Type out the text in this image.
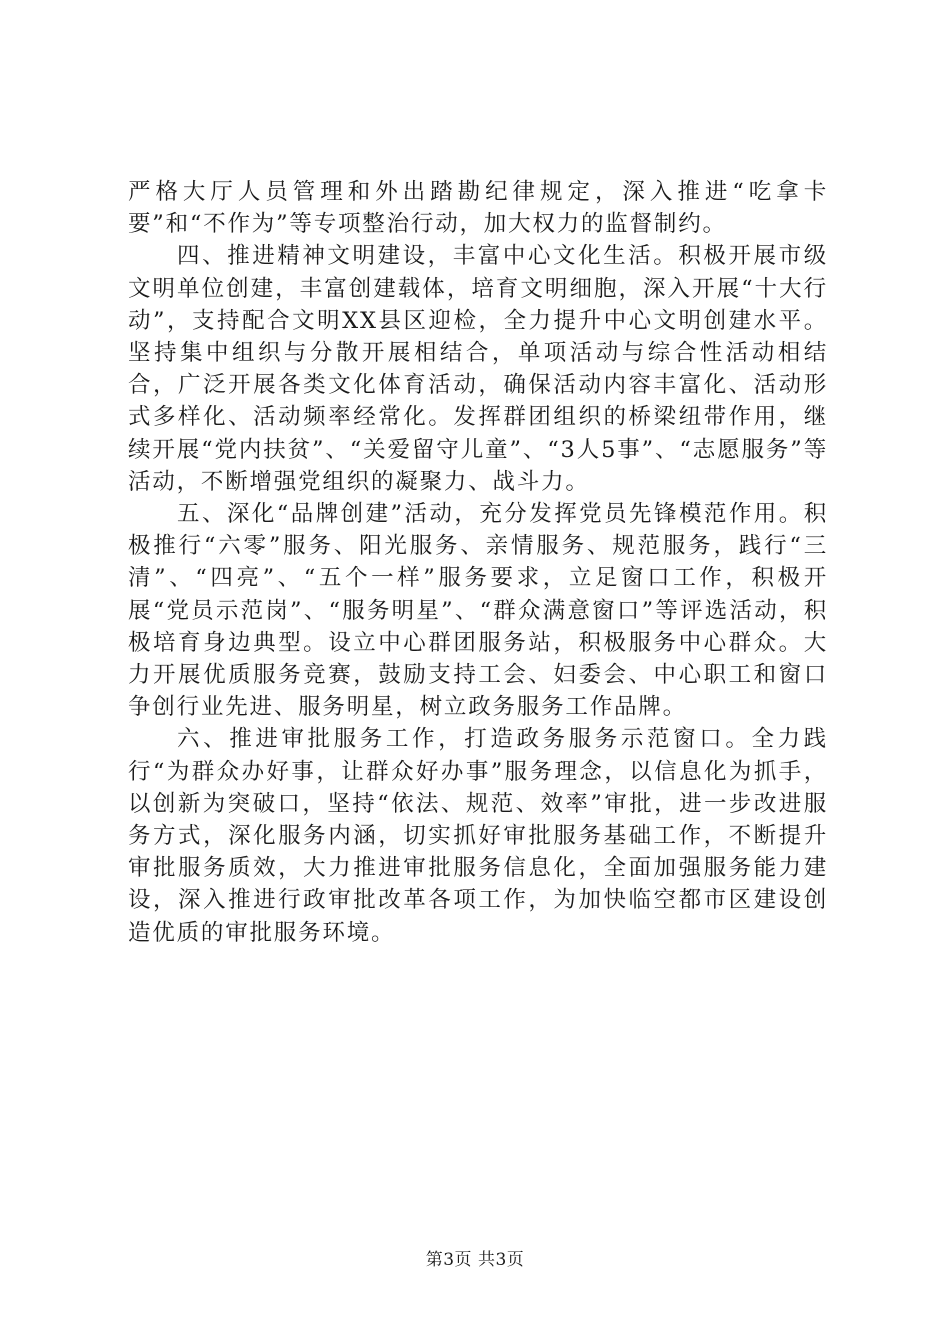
严格大厅人员管理和外出踏勘纪律规定，深入推进“吃拿卡要”和“不作为”等专项整治行动，加大权力的监督制约。

四、推进精神文明建设，丰富中心文化生活。积极开展市级文明单位创建，丰富创建载体，培育文明细胞，深入开展“十大行动”，支持配合文明XX县区迎检，全力提升中心文明创建水平。坚持集中组织与分散开展相结合，单项活动与综合性活动相结合，广泛开展各类文化体育活动，确保活动内容丰富化、活动形式多样化、活动频率经常化。发挥群团组织的桥梁纽带作用，继续开展“党内扶贫”、“关爱留守儿童”、“3人5事”、“志愿服务”等活动，不断增强党组织的凝聚力、战斗力。

五、深化“品牌创建”活动，充分发挥党员先锋模范作用。积极推行“六零”服务、阳光服务、亲情服务、规范服务，践行“三清”、“四亮”、“五个一样”服务要求，立足窗口工作，积极开展“党员示范岗”、“服务明星”、“群众满意窗口”等评选活动，积极培育身边典型。设立中心群团服务站，积极服务中心群众。大力开展优质服务竞赛，鼓励支持工会、妇委会、中心职工和窗口争创行业先进、服务明星，树立政务服务工作品牌。

六、推进审批服务工作，打造政务服务示范窗口。全力践行“为群众办好事，让群众好办事”服务理念，以信息化为抓手，以创新为突破口，坚持“依法、规范、效率”审批，进一步改进服务方式，深化服务内涵，切实抓好审批服务基础工作，不断提升审批服务质效，大力推进审批服务信息化，全面加强服务能力建设，深入推进行政审批改革各项工作，为加快临空都市区建设创造优质的审批服务环境。

第3页 共3页
